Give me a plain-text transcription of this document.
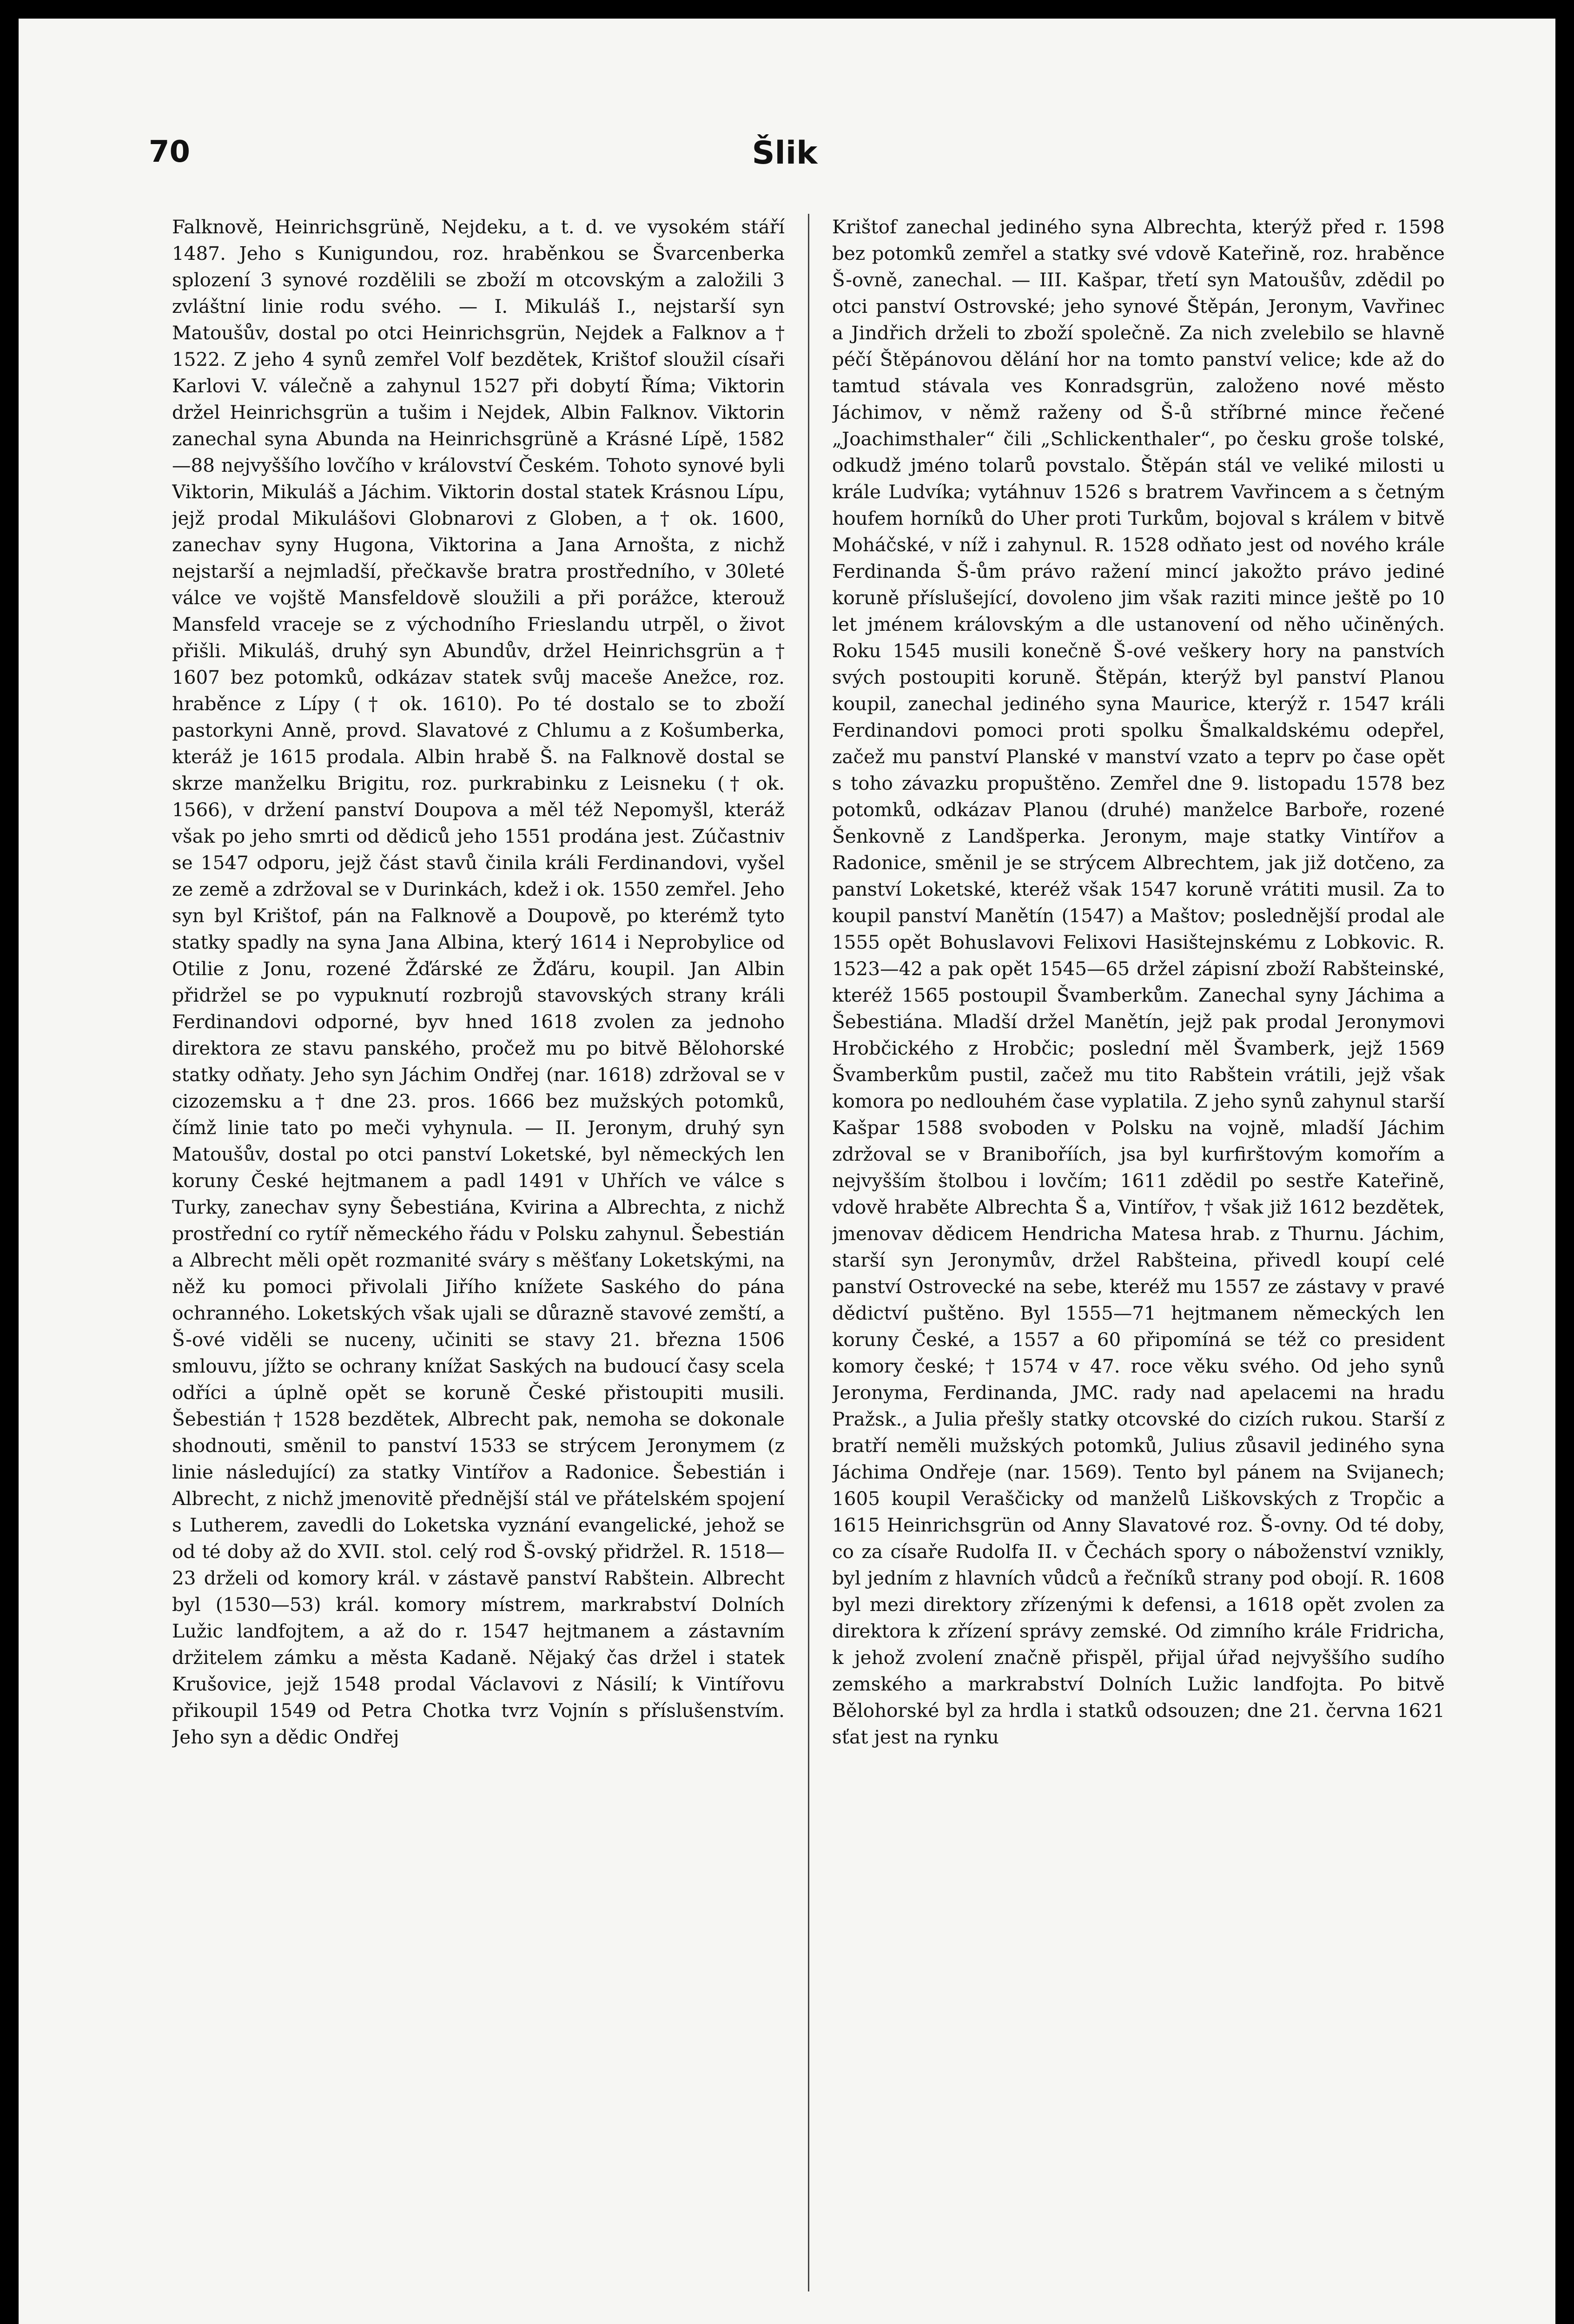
70	Šlik

Falknově, Heinrichsgrüně, Nejdeku, a t. d. ve vysokém stáří 1487. Jeho s Kunigundou, roz. hraběnkou se Švarcenberka splození 3 synové rozdělili se zboží m otcovským a založili 3 zvláštní linie rodu svého. — I. Mikuláš I., nejstarší syn Matoušův, dostal po otci Heinrichsgrün, Nejdek a Falknov a † 1522. Z jeho 4 synů zemřel Volf bezdětek, Krištof sloužil císaři Karlovi V. válečně a zahynul 1527 při dobytí Říma; Viktorin držel Heinrichsgrün a tušim i Nejdek, Albin Falknov. Viktorin zanechal syna Abunda na Heinrichsgrüně a Krásné Lípě, 1582—88 nejvyššího lovčího v království Českém. Tohoto synové byli Viktorin, Mikuláš a Jáchim. Viktorin dostal statek Krásnou Lípu, jejž prodal Mikulášovi Globnarovi z Globen, a † ok. 1600, zanechav syny Hugona, Viktorina a Jana Arnošta, z nichž nejstarší a nejmladší, přečkavše bratra prostředního, v 30leté válce ve vojště Mansfeldově sloužili a při porážce, kterouž Mansfeld vraceje se z východního Frieslandu utrpěl, o život přišli. Mikuláš, druhý syn Abundův, držel Heinrichsgrün a † 1607 bez potomků, odkázav statek svůj macešе Anežce, roz. hraběnce z Lípy († ok. 1610). Po té dostalo se to zboží pastorkyni Anně, provd. Slavatové z Chlumu a z Košumberka, kteráž je 1615 prodala. Albin hrabě Š. na Falknově dostal se skrze manželku Brigitu, roz. purkrabinku z Leisneku († ok. 1566), v držení panství Doupova a měl též Nepomyšl, kteráž však po jeho smrti od dědiců jeho 1551 prodána jest. Zúčastniv se 1547 odporu, jejž část stavů činila králi Ferdinandovi, vyšel ze země a zdržoval se v Durinkách, kdež i ok. 1550 zemřel. Jeho syn byl Krištof, pán na Falknově a Doupově, po kterémž tyto statky spadly na syna Jana Albina, který 1614 i Neprobylice od Otilie z Jonu, rozené Žďárské ze Žďáru, koupil. Jan Albin přidržel se po vypuknutí rozbrojů stavovských strany králi Ferdinandovi odporné, byv hned 1618 zvolen za jednoho direktora ze stavu panského, pročež mu po bitvě Bělohorské statky odňaty. Jeho syn Jáchim Ondřej (nar. 1618) zdržoval se v cizozemsku a † dne 23. pros. 1666 bez mužských potomků, čímž linie tato po meči vyhynula. — II. Jeronym, druhý syn Matoušův, dostal po otci panství Loketské, byl německých len koruny České hejtmanem a padl 1491 v Uhřích ve válce s Turky, zanechav syny Šebestiána, Kvirina a Albrechta, z nichž prostřední co rytíř německého řádu v Polsku zahynul. Šebestián a Albrecht měli opět rozmanité sváry s měšťany Loketskými, na něž ku pomoci přivolali Jiřího knížete Saského do pána ochranného. Loketských však ujali se důrazně stavové zemští, a Š-ové viděli se nuceny, učiniti se stavy 21. března 1506 smlouvu, jížto se ochrany knížat Saských na budoucí časy scela odříci a úplně opět se koruně České přistoupiti musili. Šebestián † 1528 bezdětek, Albrecht pak, nemoha se dokonale shodnouti, směnil to panství 1533 se strýcem Jeronymem (z linie následující) za statky Vintířov a Radonice. Šebestián i Albrecht, z nichž jmenovitě přednější stál ve přátelském spojení s Lutherem, zavedli do Loketska vyznání evangelické, jehož se od té doby až do XVII. stol. celý rod Š-ovský přidržel. R. 1518—23 drželi od komory král. v zástavě panství Rabštein. Albrecht byl (1530—53) král. komory místrem, markrabství Dolních Lužic landfojtem, a až do r. 1547 hejtmanem a zástavním držitelem zámku a města Kadaně. Nějaký čas držel i statek Krušovice, jejž 1548 prodal Václavovi z Násilí; k Vintířovu přikoupil 1549 od Petra Chotka tvrz Vojnín s příslušenstvím. Jeho syn a dědic Ondřej

Krištof zanechal jediného syna Albrechta, kterýž před r. 1598 bez potomků zemřel a statky své vdově Kateřině, roz. hraběnce Š-ovně, zanechal. — III. Kašpar, třetí syn Matoušův, zdědil po otci panství Ostrovské; jeho synové Štěpán, Jeronym, Vavřinec a Jindřich drželi to zboží společně. Za nich zvelebilo se hlavně péčí Štěpánovou dělání hor na tomto panství velice; kde až do tamtud stávala ves Konradsgrün, založeno nové město Jáchimov, v němž raženy od Š-ů stříbrné mince řečené „Joachimsthaler“ čili „Schlickenthaler“, po česku groše tolské, odkudž jméno tolarů povstalo. Štěpán stál ve veliké milosti u krále Ludvíka; vytáhnuv 1526 s bratrem Vavřincem a s četným houfem horníků do Uher proti Turkům, bojoval s králem v bitvě Moháčské, v níž i zahynul. R. 1528 odňato jest od nového krále Ferdinanda Š-ům právo ražení mincí jakožto právo jediné koruně příslušející, dovoleno jim však raziti mince ještě po 10 let jménem královským a dle ustanovení od něho učiněných. Roku 1545 musili konečně Š-ové veškery hory na panstvích svých postoupiti koruně. Štěpán, kterýž byl panství Planou koupil, zanechal jediného syna Maurice, kterýž r. 1547 králi Ferdinandovi pomoci proti spolku Šmalkaldskému odepřel, začež mu panství Planské v manství vzato a teprv po čase opět s toho závazku propuštěno. Zemřel dne 9. listopadu 1578 bez potomků, odkázav Planou (druhé) manželce Barboře, rozené Šenkovně z Landšperka. Jeronym, maje statky Vintířov a Radonice, směnil je se strýcem Albrechtem, jak již dotčeno, za panství Loketské, kteréž však 1547 koruně vrátiti musil. Za to koupil panství Manětín (1547) a Maštov; poslednější prodal ale 1555 opět Bohuslavovi Felixovi Hasištejnskému z Lobkovic. R. 1523—42 a pak opět 1545—65 držel zápisní zboží Rabšteinské, kteréž 1565 postoupil Švamberkům. Zanechal syny Jáchima a Šebestiána. Mladší držel Manětín, jejž pak prodal Jeronymovi Hrobčického z Hrobčic; poslední měl Švamberk, jejž 1569 Švamberkům pustil, začež mu tito Rabštein vrátili, jejž však komora po nedlouhém čase vyplatila. Z jeho synů zahynul starší Kašpar 1588 svoboden v Polsku na vojně, mladší Jáchim zdržoval se v Braniboříích, jsa byl kurfirštovým komořím a nejvyšším štolbou i lovčím; 1611 zdědil po sestře Kateřině, vdově hraběte Albrechta Š a, Vintířov, † však již 1612 bezdětek, jmenovav dědicem Hendricha Matesa hrab. z Thurnu. Jáchim, starší syn Jeronymův, držel Rabšteina, přivedl koupí celé panství Ostrovecké na sebe, kteréž mu 1557 ze zástavy v pravé dědictví puštěno. Byl 1555—71 hejtmanem německých len koruny České, a 1557 a 60 připomíná se též co president komory české; † 1574 v 47. roce věku svého. Od jeho synů Jeronyma, Ferdinanda, JMC. rady nad apelacemi na hradu Pražsk., a Julia přešly statky otcovské do cizích rukou. Starší z bratří neměli mužských potomků, Julius zůsavil jediného syna Jáchima Ondřeje (nar. 1569). Tento byl pánem na Svijanech; 1605 koupil Veraščicky od manželů Liškovských z Tropčic a 1615 Heinrichsgrün od Anny Slavatové roz. Š-ovny. Od té doby, co za císaře Rudolfa II. v Čechách spory o náboženství vznikly, byl jedním z hlavních vůdců a řečníků strany pod obojí. R. 1608 byl mezi direktory zřízenými k defensi, a 1618 opět zvolen za direktora k zřízení správy zemské. Od zimního krále Fridricha, k jehož zvolení značně přispěl, přijal úřad nejvyššího sudího zemského a markrabství Dolních Lužic landfojta. Po bitvě Bělohorské byl za hrdla i statků odsouzen; dne 21. června 1621 sťat jest na rynku
